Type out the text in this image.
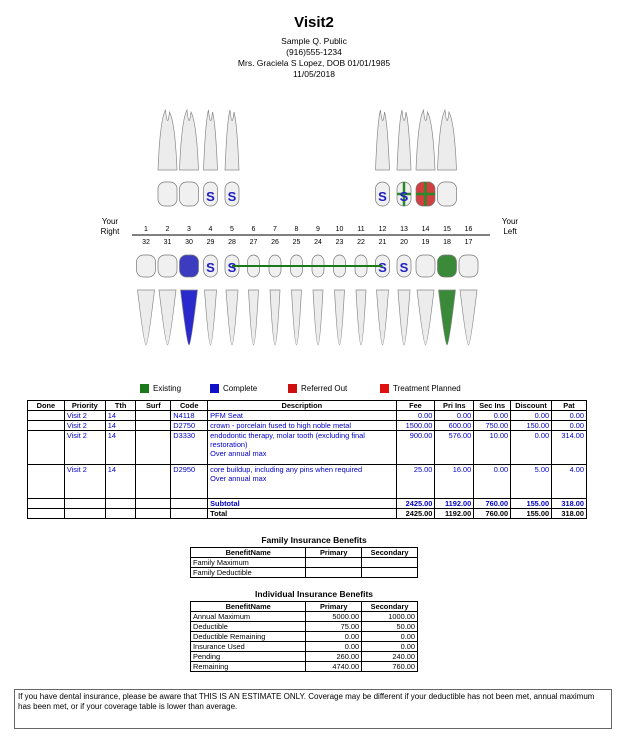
Visit2
Sample Q. Public
(916)555-1234
Mrs. Graciela S Lopez, DOB 01/01/1985
11/05/2018
S S	S S
S S	S S
Your
Right
Your
Left
1	2	3	4	5	6	7	8	9 10 11 12 13 14 15 16
32 31 30 29 28 27 26 25 24 23 22 21 20 19 18 17
Existing	Complete	Referred Out	Treatment Planned
Done	Priority	Tth	Surf	Code	Description	Fee	Pri Ins	Sec Ins	Discount	Pat
	Visit 2	14		N4118	PFM Seat	0.00	0.00	0.00	0.00	0.00
	Visit 2	14		D2750	crown - porcelain fused to high noble metal	1500.00	600.00	750.00	150.00	0.00
	Visit 2	14		D3330	endodontic therapy, molar tooth (excluding final restoration)
Over annual max	900.00	576.00	10.00	0.00	314.00
	Visit 2	14		D2950	core buildup, including any pins when required
Over annual max	25.00	16.00	0.00	5.00	4.00
					Subtotal	2425.00	1192.00	760.00	155.00	318.00
					Total	2425.00	1192.00	760.00	155.00	318.00
Family Insurance Benefits
BenefitName	Primary	Secondary
Family Maximum		
Family Deductible		
Individual Insurance Benefits
BenefitName	Primary	Secondary
Annual Maximum	5000.00	1000.00
Deductible	75.00	50.00
Deductible Remaining	0.00	0.00
Insurance Used	0.00	0.00
Pending	260.00	240.00
Remaining	4740.00	760.00
If you have dental insurance, please be aware that THIS IS AN ESTIMATE ONLY. Coverage may be different if your deductible has not been met, annual maximum has been met, or if your coverage table is lower than average.
